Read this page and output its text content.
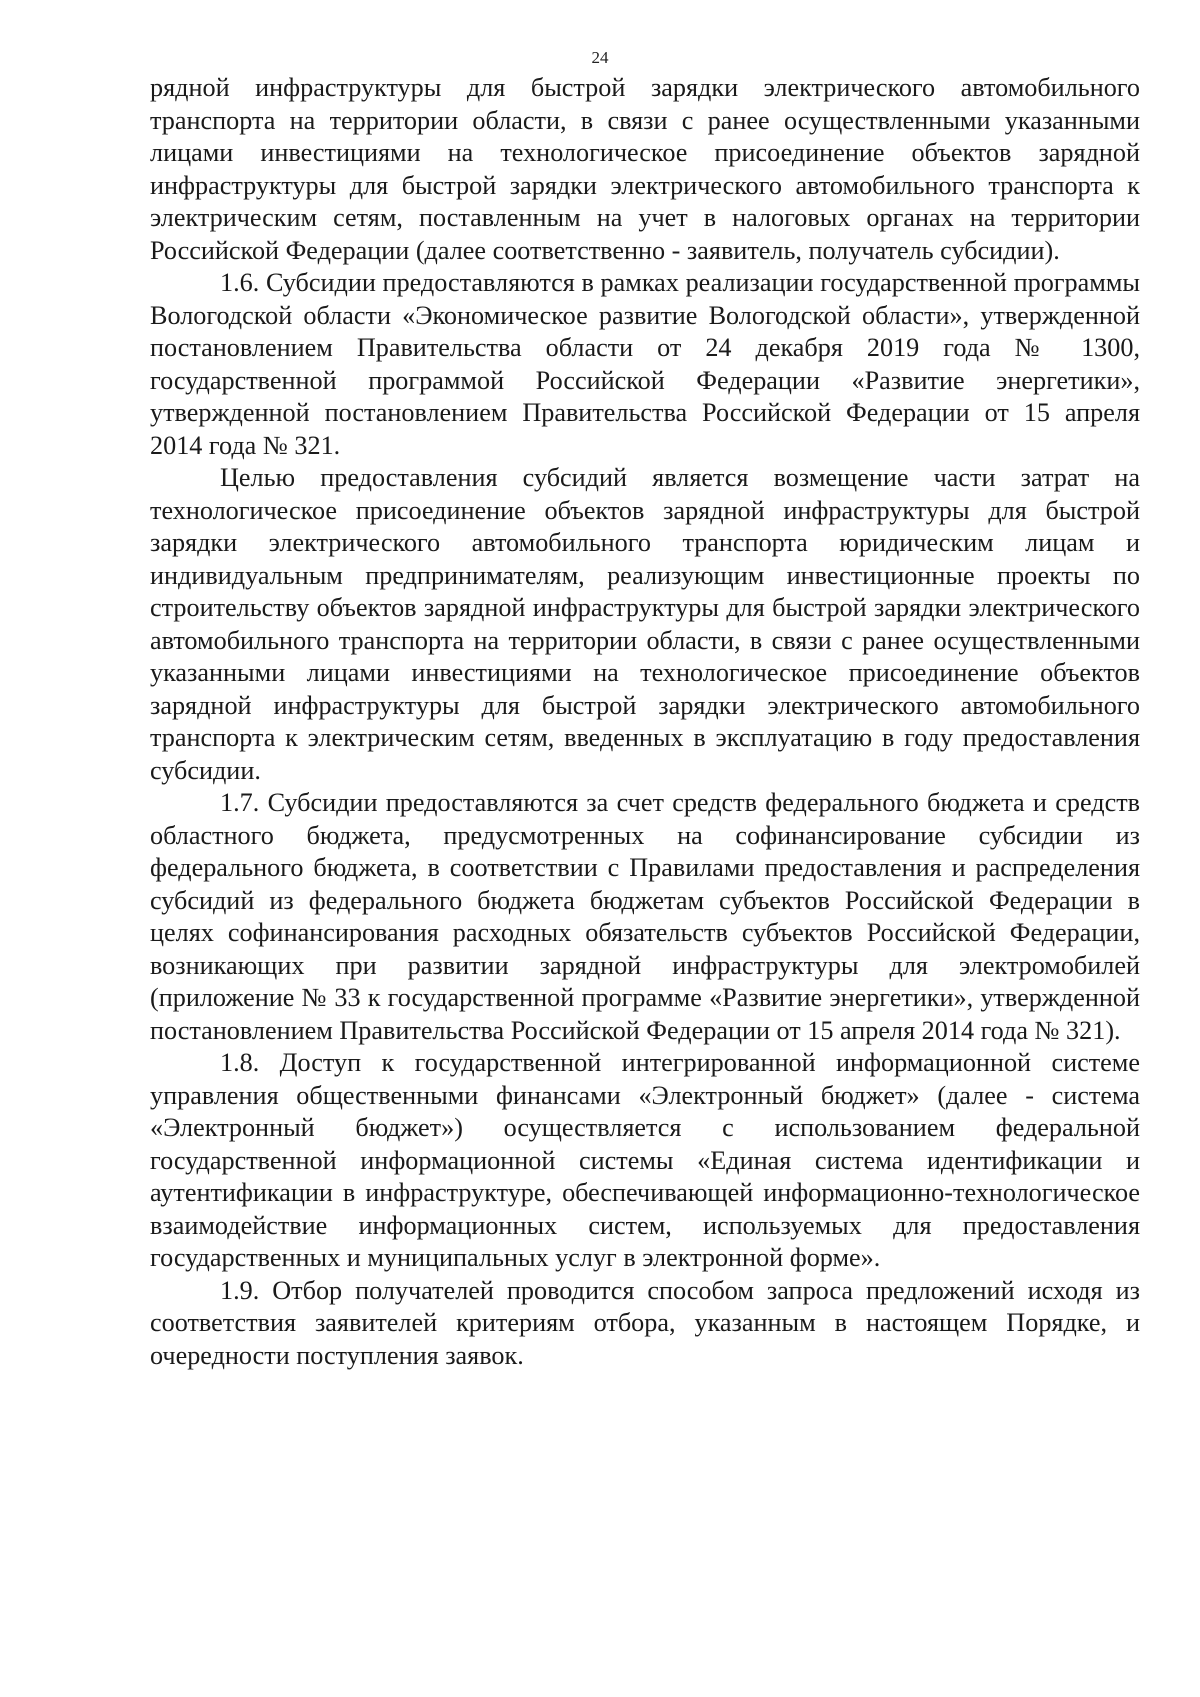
24

рядной инфраструктуры для быстрой зарядки электрического автомобильного транспорта на территории области, в связи с ранее осуществленными указанными лицами инвестициями на технологическое присоединение объектов зарядной инфраструктуры для быстрой зарядки электрического автомобильного транспорта к электрическим сетям, поставленным на учет в налоговых органах на территории Российской Федерации (далее соответственно - заявитель, получатель субсидии).

1.6. Субсидии предоставляются в рамках реализации государственной программы Вологодской области «Экономическое развитие Вологодской области», утвержденной постановлением Правительства области от 24 декабря 2019 года № 1300, государственной программой Российской Федерации «Развитие энергетики», утвержденной постановлением Правительства Российской Федерации от 15 апреля 2014 года № 321.

Целью предоставления субсидий является возмещение части затрат на технологическое присоединение объектов зарядной инфраструктуры для быстрой зарядки электрического автомобильного транспорта юридическим лицам и индивидуальным предпринимателям, реализующим инвестиционные проекты по строительству объектов зарядной инфраструктуры для быстрой зарядки электрического автомобильного транспорта на территории области, в связи с ранее осуществленными указанными лицами инвестициями на технологическое присоединение объектов зарядной инфраструктуры для быстрой зарядки электрического автомобильного транспорта к электрическим сетям, введенных в эксплуатацию в году предоставления субсидии.

1.7. Субсидии предоставляются за счет средств федерального бюджета и средств областного бюджета, предусмотренных на софинансирование субсидии из федерального бюджета, в соответствии с Правилами предоставления и распределения субсидий из федерального бюджета бюджетам субъектов Российской Федерации в целях софинансирования расходных обязательств субъектов Российской Федерации, возникающих при развитии зарядной инфраструктуры для электромобилей (приложение № 33 к государственной программе «Развитие энергетики», утвержденной постановлением Правительства Российской Федерации от 15 апреля 2014 года № 321).

1.8. Доступ к государственной интегрированной информационной системе управления общественными финансами «Электронный бюджет» (далее - система «Электронный бюджет») осуществляется с использованием федеральной государственной информационной системы «Единая система идентификации и аутентификации в инфраструктуре, обеспечивающей информационно-технологическое взаимодействие информационных систем, используемых для предоставления государственных и муниципальных услуг в электронной форме».

1.9. Отбор получателей проводится способом запроса предложений исходя из соответствия заявителей критериям отбора, указанным в настоящем Порядке, и очередности поступления заявок.
